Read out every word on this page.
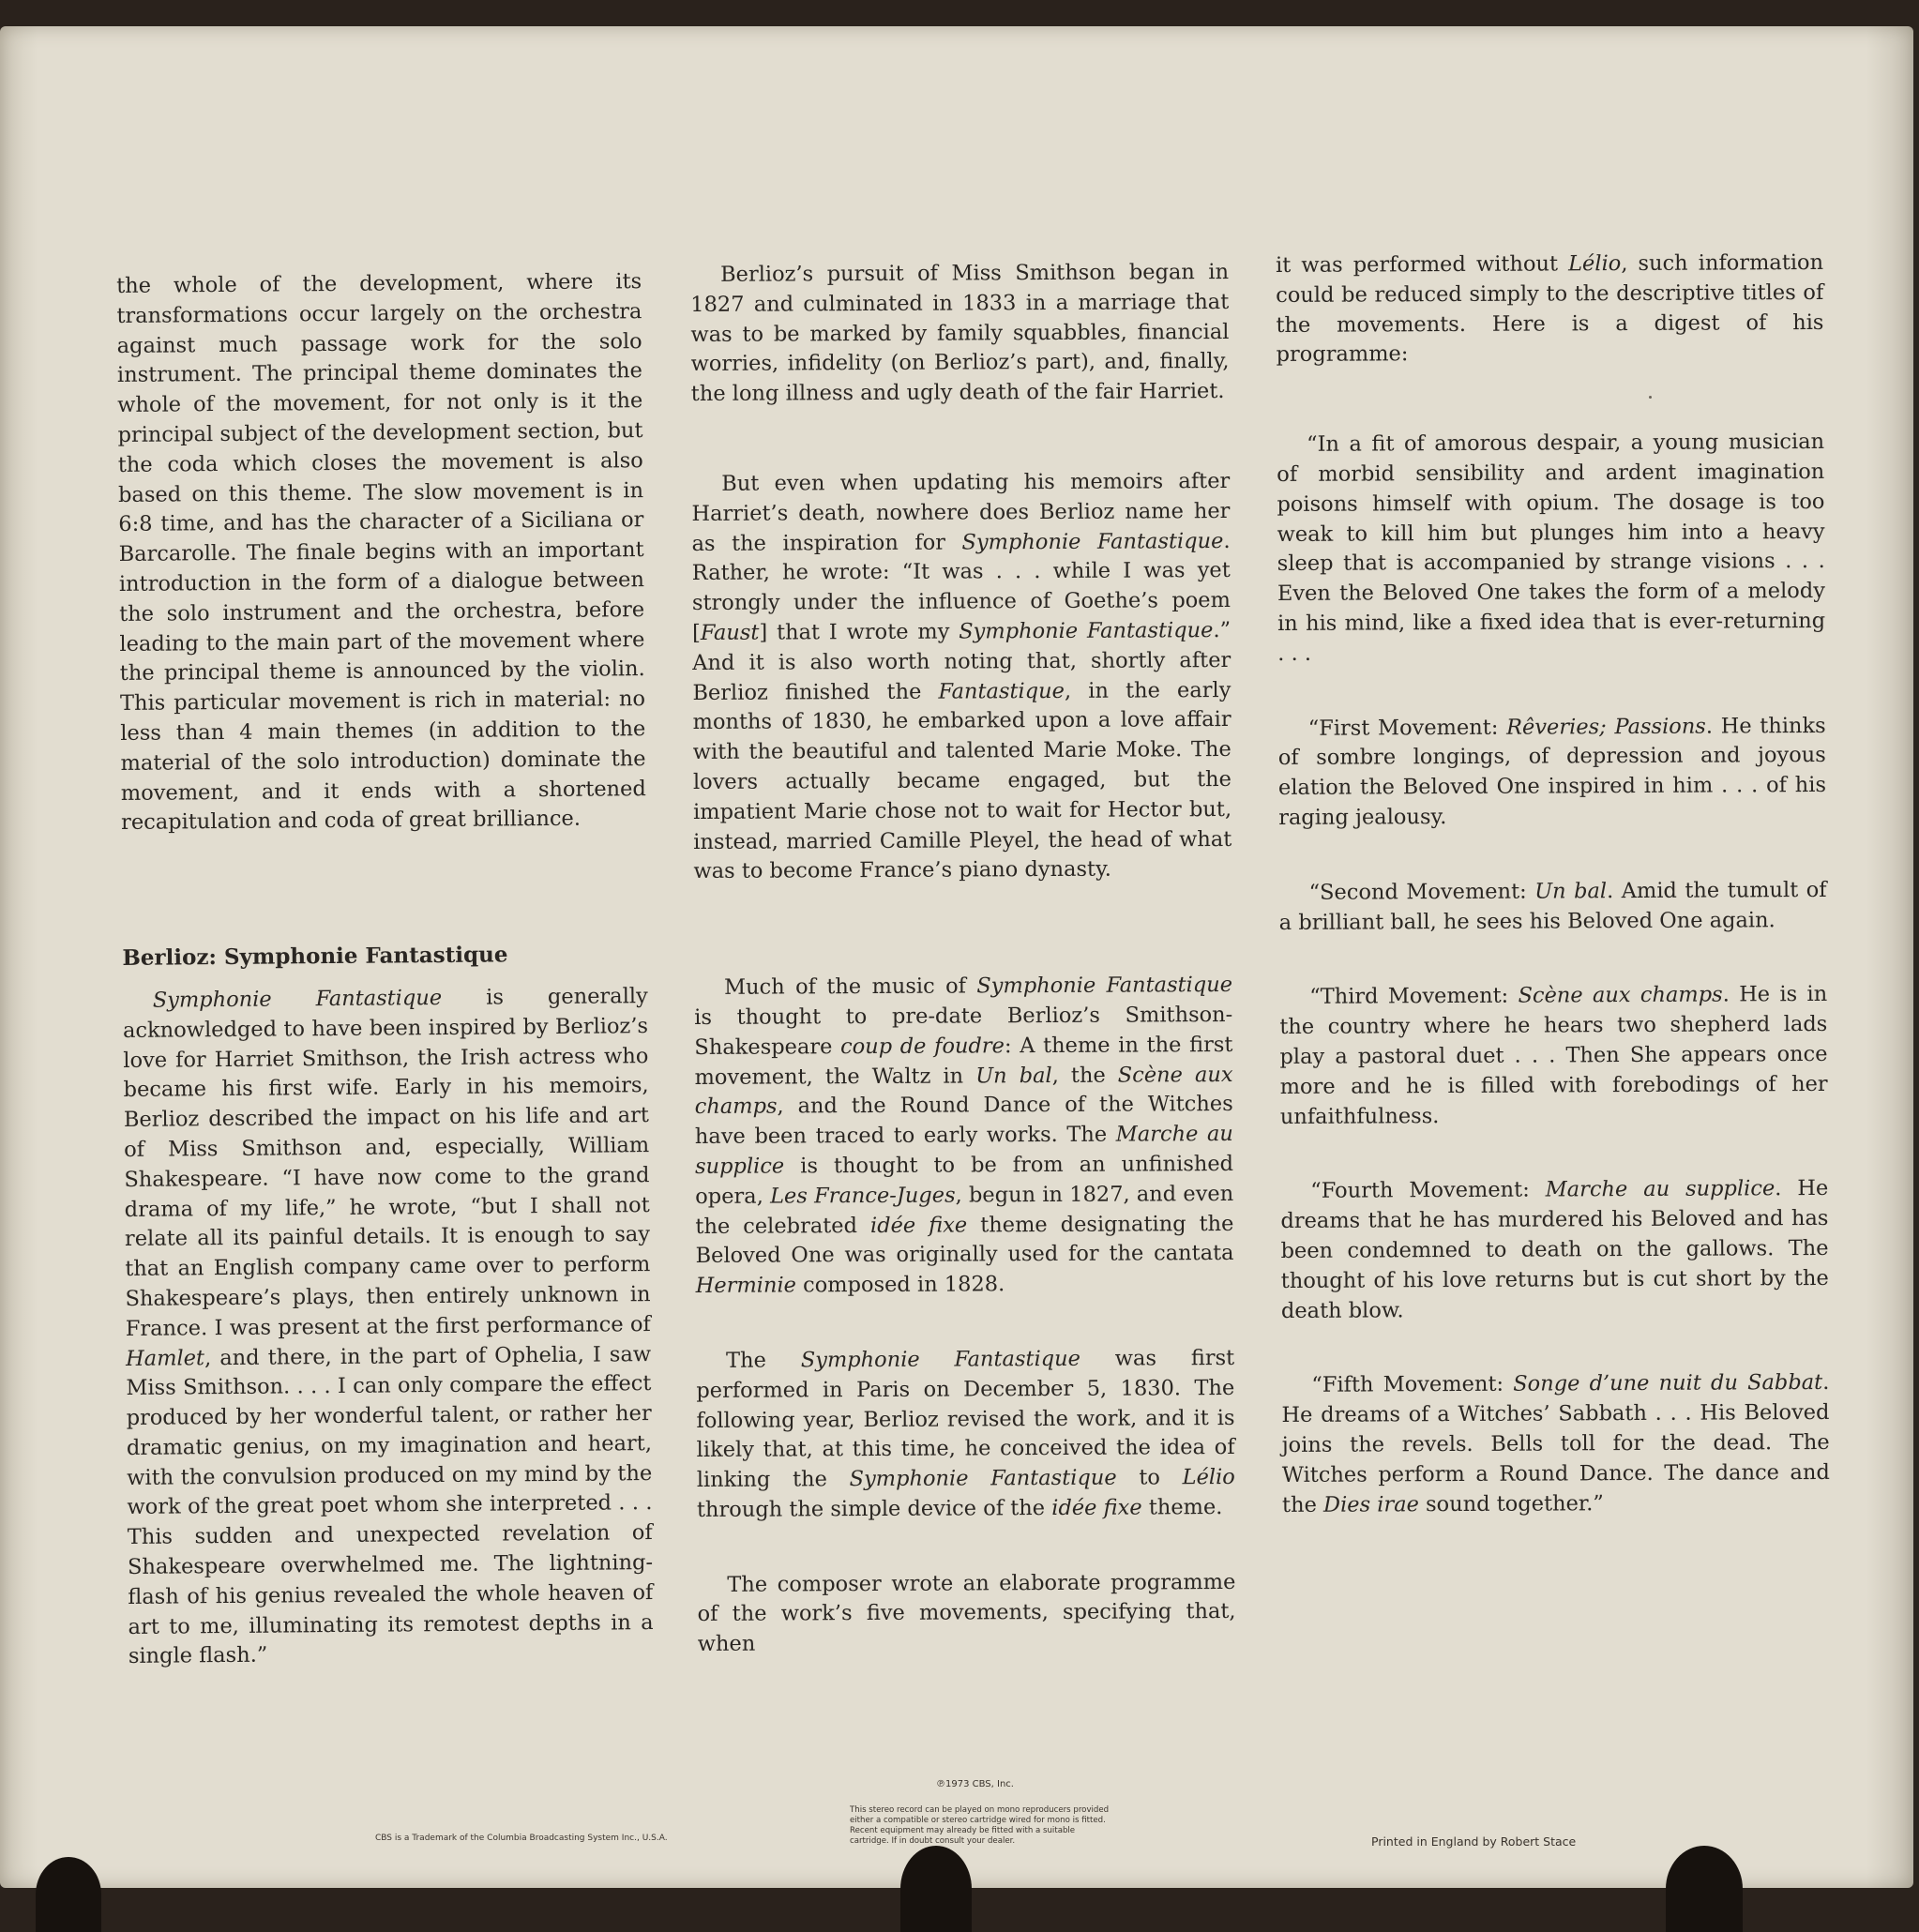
the whole of the development, where its transformations occur largely on the orchestra against much passage work for the solo instrument. The principal theme dominates the whole of the movement, for not only is it the principal subject of the development section, but the coda which closes the movement is also based on this theme. The slow movement is in 6:8 time, and has the character of a Siciliana or Barcarolle. The finale begins with an important introduction in the form of a dialogue between the solo instrument and the orchestra, before leading to the main part of the movement where the principal theme is announced by the violin. This particular movement is rich in material: no less than 4 main themes (in addition to the material of the solo introduction) dominate the movement, and it ends with a shortened recapitulation and coda of great brilliance.

Berlioz: Symphonie Fantastique

Symphonie Fantastique is generally acknowledged to have been inspired by Berlioz’s love for Harriet Smithson, the Irish actress who became his first wife. Early in his memoirs, Berlioz described the impact on his life and art of Miss Smithson and, especially, William Shakespeare. “I have now come to the grand drama of my life,” he wrote, “but I shall not relate all its painful details. It is enough to say that an English company came over to perform Shakespeare’s plays, then entirely unknown in France. I was present at the first performance of Hamlet, and there, in the part of Ophelia, I saw Miss Smithson. . . . I can only compare the effect produced by her wonderful talent, or rather her dramatic genius, on my imagination and heart, with the convulsion produced on my mind by the work of the great poet whom she interpreted . . . This sudden and unexpected revelation of Shakespeare overwhelmed me. The lightning-flash of his genius revealed the whole heaven of art to me, illuminating its remotest depths in a single flash.”

Berlioz’s pursuit of Miss Smithson began in 1827 and culminated in 1833 in a marriage that was to be marked by family squabbles, financial worries, infidelity (on Berlioz’s part), and, finally, the long illness and ugly death of the fair Harriet.

But even when updating his memoirs after Harriet’s death, nowhere does Berlioz name her as the inspiration for Symphonie Fantastique. Rather, he wrote: “It was . . . while I was yet strongly under the influence of Goethe’s poem [Faust] that I wrote my Symphonie Fantastique.” And it is also worth noting that, shortly after Berlioz finished the Fantastique, in the early months of 1830, he embarked upon a love affair with the beautiful and talented Marie Moke. The lovers actually became engaged, but the impatient Marie chose not to wait for Hector but, instead, married Camille Pleyel, the head of what was to become France’s piano dynasty.

Much of the music of Symphonie Fantastique is thought to pre-date Berlioz’s Smithson-Shakespeare coup de foudre: A theme in the first movement, the Waltz in Un bal, the Scène aux champs, and the Round Dance of the Witches have been traced to early works. The Marche au supplice is thought to be from an unfinished opera, Les France-Juges, begun in 1827, and even the celebrated idée fixe theme designating the Beloved One was originally used for the cantata Herminie composed in 1828.

The Symphonie Fantastique was first performed in Paris on December 5, 1830. The following year, Berlioz revised the work, and it is likely that, at this time, he conceived the idea of linking the Symphonie Fantastique to Lélio through the simple device of the idée fixe theme.

The composer wrote an elaborate programme of the work’s five movements, specifying that, when

it was performed without Lélio, such information could be reduced simply to the descriptive titles of the movements. Here is a digest of his programme:

“In a fit of amorous despair, a young musician of morbid sensibility and ardent imagination poisons himself with opium. The dosage is too weak to kill him but plunges him into a heavy sleep that is accompanied by strange visions . . . Even the Beloved One takes the form of a melody in his mind, like a fixed idea that is ever-returning . . .

“First Movement: Rêveries; Passions. He thinks of sombre longings, of depression and joyous elation the Beloved One inspired in him . . . of his raging jealousy.

“Second Movement: Un bal. Amid the tumult of a brilliant ball, he sees his Beloved One again.

“Third Movement: Scène aux champs. He is in the country where he hears two shepherd lads play a pastoral duet . . . Then She appears once more and he is filled with forebodings of her unfaithfulness.

“Fourth Movement: Marche au supplice. He dreams that he has murdered his Beloved and has been condemned to death on the gallows. The thought of his love returns but is cut short by the death blow.

“Fifth Movement: Songe d’une nuit du Sabbat. He dreams of a Witches’ Sabbath . . . His Beloved joins the revels. Bells toll for the dead. The Witches perform a Round Dance. The dance and the Dies irae sound together.”

CBS is a Trademark of the Columbia Broadcasting System Inc., U.S.A.
℗1973 CBS, Inc.
This stereo record can be played on mono reproducers provided either a compatible or stereo cartridge wired for mono is fitted. Recent equipment may already be fitted with a suitable cartridge. If in doubt consult your dealer.	Printed in England by Robert Stace
